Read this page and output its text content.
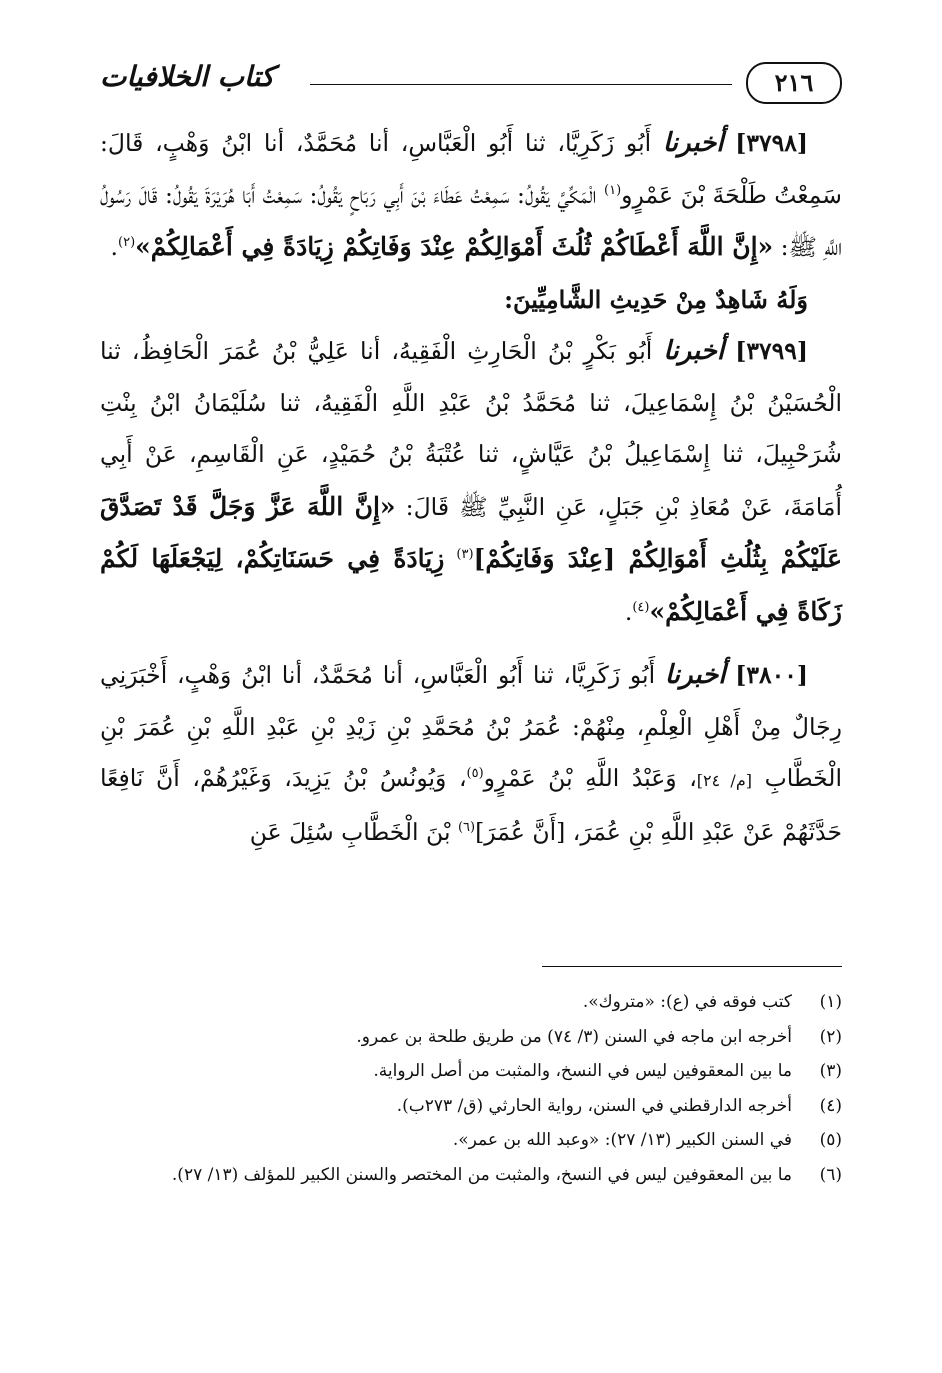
٢١٦
كتاب الخلافيات

[٣٧٩٨] أخبرنا أَبُو زَكَرِيَّا، ثنا أَبُو الْعَبَّاسِ، أنا مُحَمَّدٌ، أنا ابْنُ وَهْبٍ، قَالَ: سَمِعْتُ طَلْحَةَ بْنَ عَمْرٍو$^{(١)}$ الْمَكِّيَّ يَقُولُ: سَمِعْتُ عَطَاءَ بْنَ أَبِي رَبَاحٍ يَقُولُ: سَمِعْتُ أَبَا هُرَيْرَةَ يَقُولُ: قَالَ رَسُولُ اللَّهِ ﷺ: «إِنَّ اللَّهَ أَعْطَاكُمْ ثُلُثَ أَمْوَالِكُمْ عِنْدَ وَفَاتِكُمْ زِيَادَةً فِي أَعْمَالِكُمْ»$^{(٢)}$.

وَلَهُ شَاهِدٌ مِنْ حَدِيثِ الشَّامِيِّينَ:

[٣٧٩٩] أخبرنا أَبُو بَكْرٍ بْنُ الْحَارِثِ الْفَقِيهُ، أنا عَلِيُّ بْنُ عُمَرَ الْحَافِظُ، ثنا الْحُسَيْنُ بْنُ إِسْمَاعِيلَ، ثنا مُحَمَّدُ بْنُ عَبْدِ اللَّهِ الْفَقِيهُ، ثنا سُلَيْمَانُ ابْنُ بِنْتِ شُرَحْبِيلَ، ثنا إِسْمَاعِيلُ بْنُ عَيَّاشٍ، ثنا عُتْبَةُ بْنُ حُمَيْدٍ، عَنِ الْقَاسِمِ، عَنْ أَبِي أُمَامَةَ، عَنْ مُعَاذِ بْنِ جَبَلٍ، عَنِ النَّبِيِّ ﷺ قَالَ: «إِنَّ اللَّهَ عَزَّ وَجَلَّ قَدْ تَصَدَّقَ عَلَيْكُمْ بِثُلُثِ أَمْوَالِكُمْ [عِنْدَ وَفَاتِكُمْ]$^{(٣)}$ زِيَادَةً فِي حَسَنَاتِكُمْ، لِيَجْعَلَهَا لَكُمْ زَكَاةً فِي أَعْمَالِكُمْ»$^{(٤)}$.

[٣٨٠٠] أخبرنا أَبُو زَكَرِيَّا، ثنا أَبُو الْعَبَّاسِ، أنا مُحَمَّدٌ، أنا ابْنُ وَهْبٍ، أَخْبَرَنِي رِجَالٌ مِنْ أَهْلِ الْعِلْمِ، مِنْهُمْ: عُمَرُ بْنُ مُحَمَّدِ بْنِ زَيْدِ بْنِ عَبْدِ اللَّهِ بْنِ عُمَرَ بْنِ الْخَطَّابِ [م/ ٢٤]، وَعَبْدُ اللَّهِ بْنُ عَمْرٍو$^{(٥)}$، وَيُونُسُ بْنُ يَزِيدَ، وَغَيْرُهُمْ، أَنَّ نَافِعًا حَدَّثَهُمْ عَنْ عَبْدِ اللَّهِ بْنِ عُمَرَ، [أَنَّ عُمَرَ]$^{(٦)}$ بْنَ الْخَطَّابِ سُئِلَ عَنِ

(١)
كتب فوقه في (ع): «متروك».
(٢)
أخرجه ابن ماجه في السنن (٣/ ٧٤) من طريق طلحة بن عمرو.
(٣)
ما بين المعقوفين ليس في النسخ، والمثبت من أصل الرواية.
(٤)
أخرجه الدارقطني في السنن، رواية الحارثي (ق/ ٢٧٣ب).
(٥)
في السنن الكبير (١٣/ ٢٧): «وعبد الله بن عمر».
(٦)
ما بين المعقوفين ليس في النسخ، والمثبت من المختصر والسنن الكبير للمؤلف (١٣/ ٢٧).
